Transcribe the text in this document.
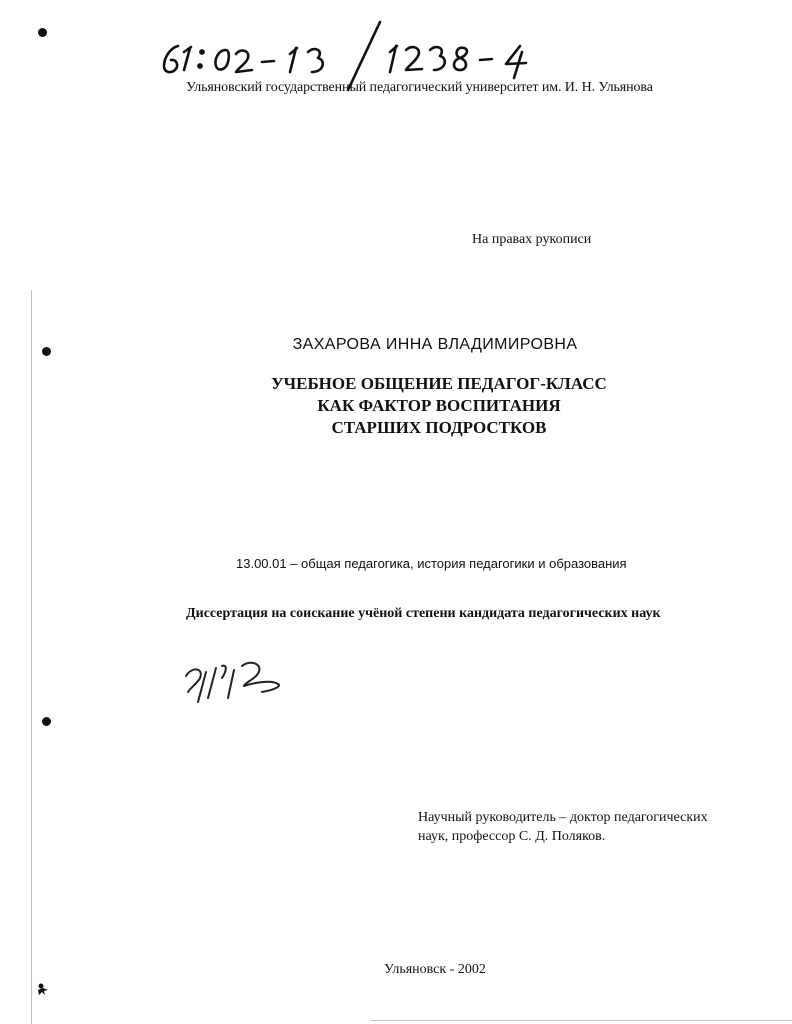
Ульяновский государственный педагогический университет им. И. Н. Ульянова
На правах рукописи
ЗАХАРОВА ИННА ВЛАДИМИРОВНА
УЧЕБНОЕ ОБЩЕНИЕ ПЕДАГОГ-КЛАСС
КАК ФАКТОР ВОСПИТАНИЯ
СТАРШИХ ПОДРОСТКОВ
13.00.01 – общая педагогика, история педагогики и образования
Диссертация на соискание учёной степени кандидата педагогических наук
Научный руководитель – доктор педагогических
наук, профессор С. Д. Поляков.
Ульяновск - 2002
